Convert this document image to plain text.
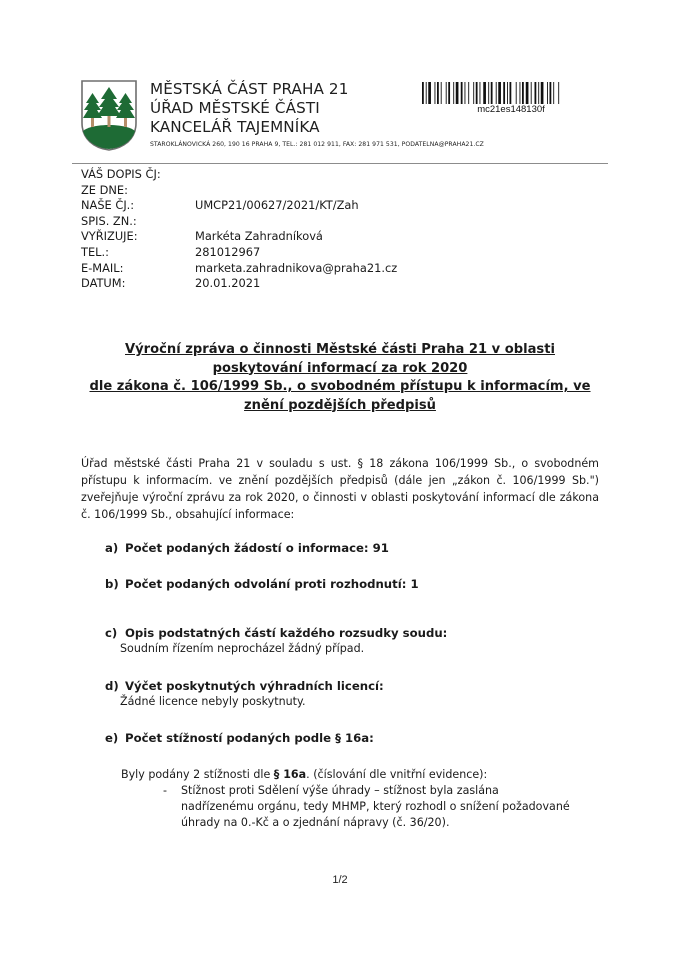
MĚSTSKÁ ČÁST PRAHA 21
ÚŘAD MĚSTSKÉ ČÁSTI
KANCELÁŘ TAJEMNÍKA
STAROKLÁNOVICKÁ 260, 190 16 PRAHA 9, TEL.: 281 012 911, FAX: 281 971 531, PODATELNA@PRAHA21.CZ
mc21es148130f
VÁŠ DOPIS ČJ:
ZE DNE:
NAŠE ČJ.:	UMCP21/00627/2021/KT/Zah
SPIS. ZN.:
VYŘIZUJE:	Markéta Zahradníková
TEL.:	281012967
E-MAIL:	marketa.zahradnikova@praha21.cz
DATUM:	20.01.2021
Výroční zpráva o činnosti Městské části Praha 21 v oblasti
poskytování informací za rok 2020
dle zákona č. 106/1999 Sb., o svobodném přístupu k informacím, ve
znění pozdějších předpisů
Úřad městské části Praha 21 v souladu s ust. § 18 zákona 106/1999 Sb., o svobodném přístupu k informacím. ve znění pozdějších předpisů (dále jen „zákon č. 106/1999 Sb.") zveřejňuje výroční zprávu za rok 2020, o činnosti v oblasti poskytování informací dle zákona č. 106/1999 Sb., obsahující informace:
a) Počet podaných žádostí o informace: 91
b) Počet podaných odvolání proti rozhodnutí: 1
c) Opis podstatných částí každého rozsudky soudu:
Soudním řízením neprocházel žádný případ.
d) Výčet poskytnutých výhradních licencí:
Žádné licence nebyly poskytnuty.
e) Počet stížností podaných podle § 16a:
Byly podány 2 stížnosti dle § 16a. (číslování dle vnitřní evidence):
- Stížnost proti Sdělení výše úhrady – stížnost byla zaslána nadřízenému orgánu, tedy MHMP, který rozhodl o snížení požadované úhrady na 0.-Kč a o zjednání nápravy (č. 36/20).
1/2
